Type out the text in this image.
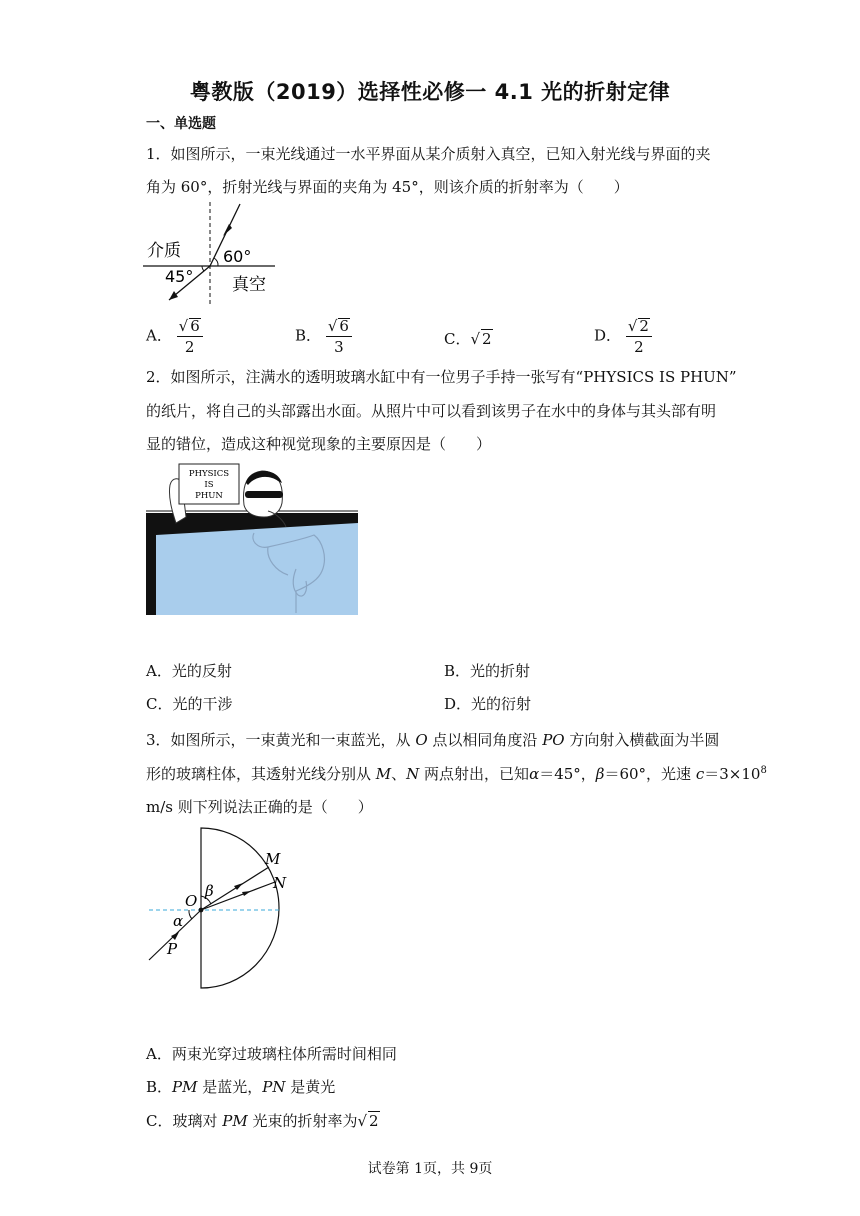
粤教版（2019）选择性必修一 4.1 光的折射定律
一、单选题
1．如图所示，一束光线通过一水平界面从某介质射入真空，已知入射光线与界面的夹
角为 60°，折射光线与界面的夹角为 45°，则该介质的折射率为（　　）
介质	60°
45° 真空
A． $\frac{√ 6}{2}$	B． $\frac{√ 6}{3}$	C．√ 2	D． $\frac{√ 2}{2}$
2．如图所示，注满水的透明玻璃水缸中有一位男子手持一张写有“PHYSICS IS PHUN”
的纸片，将自己的头部露出水面。从照片中可以看到该男子在水中的身体与其头部有明
显的错位，造成这种视觉现象的主要原因是（　　）
PHYSICS
IS
PHUN
A．光的反射	B．光的折射
C．光的干涉	D．光的衍射
3．如图所示，一束黄光和一束蓝光，从 O 点以相同角度沿 PO 方向射入横截面为半圆
形的玻璃柱体，其透射光线分别从 M、N 两点射出，已知α＝45°，β＝60°，光速 $c=3\times 10^8$
m/s 则下列说法正确的是（　　）
M
N
O
P
α
β
A．两束光穿过玻璃柱体所需时间相同
B．PM 是蓝光，PN 是黄光
C．玻璃对 PM 光束的折射率为√ 2
试卷第 1页，共 9页
